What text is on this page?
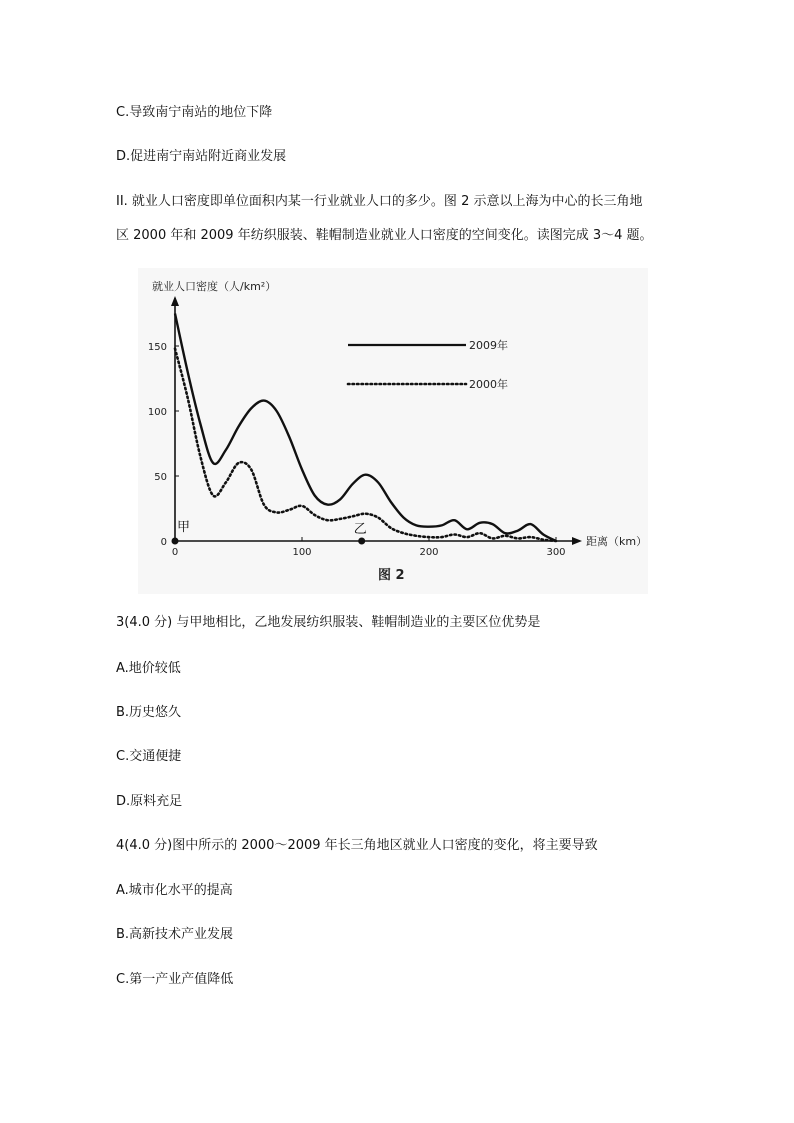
C.导致南宁南站的地位下降
D.促进南宁南站附近商业发展
II. 就业人口密度即单位面积内某一行业就业人口的多少。图 2 示意以上海为中心的长三角地
区 2000 年和 2009 年纺织服装、鞋帽制造业就业人口密度的空间变化。读图完成 3～4 题。
0
50
100
150
0	100	200	300
2009年
2000年
就业人口密度（人/km²）
距离（km）
图 2
甲	乙
3(4.0 分) 与甲地相比，乙地发展纺织服装、鞋帽制造业的主要区位优势是
A.地价较低
B.历史悠久
C.交通便捷
D.原料充足
4(4.0 分)图中所示的 2000～2009 年长三角地区就业人口密度的变化，将主要导致
A.城市化水平的提高
B.高新技术产业发展
C.第一产业产值降低
